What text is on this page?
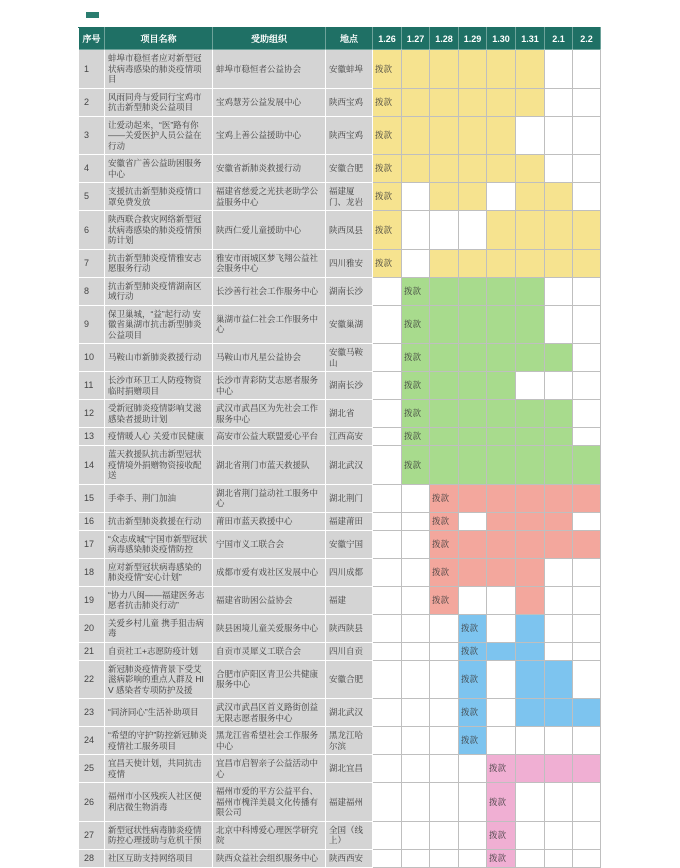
序号	项目名称	受助组织	地点	1.26	1.27	1.28	1.29	1.30	1.31	2.1	2.2
1	蚌埠市稳恒者应对新型冠状病毒感染的肺炎疫情项目	蚌埠市稳恒者公益协会	安徽蚌埠	拨款							
2	风雨同舟与爱同行宝鸡市抗击新型肺炎公益项目	宝鸡慧芳公益发展中心	陕西宝鸡	拨款							
3	让爱动起来，“医”路有你——关爱医护人员公益在行动	宝鸡上善公益援助中心	陕西宝鸡	拨款							
4	安徽省广善公益助困服务中心	安徽省新肺炎救援行动	安徽合肥	拨款							
5	支援抗击新型肺炎疫情口罩免费发放	福建省慈爱之光扶老助学公益服务中心	福建厦门、龙岩	拨款							
6	陕西联合救灾网络新型冠状病毒感染的肺炎疫情预防计划	陕西仁爱儿童援助中心	陕西凤县	拨款							
7	抗击新型肺炎疫情雅安志愿服务行动	雅安市雨城区梦飞翔公益社会服务中心	四川雅安	拨款							
8	抗击新型肺炎疫情湖南区域行动	长沙善行社会工作服务中心	湖南长沙		拨款						
9	保卫巢城，“益”起行动 安徽省巢湖市抗击新型肺炎公益项目	巢湖市益仁社会工作服务中心	安徽巢湖		拨款						
10	马鞍山市新肺炎救援行动	马鞍山市凡星公益协会	安徽马鞍山		拨款						
11	长沙市环卫工人防疫物资临时捐赠项目	长沙市青彩防艾志愿者服务中心	湖南长沙		拨款						
12	受新冠肺炎疫情影响艾滋感染者援助计划	武汉市武昌区为先社会工作服务中心	湖北省		拨款						
13	疫情暖人心 关爱市民健康	高安市公益大联盟爱心平台	江西高安		拨款						
14	蓝天救援队抗击新型冠状疫情境外捐赠物资接收配送	湖北省荆门市蓝天救援队	湖北武汉		拨款						
15	手牵手、荆门加油	湖北省荆门益动社工服务中心	湖北荆门			拨款					
16	抗击新型肺炎救援在行动	莆田市蓝天救援中心	福建莆田			拨款					
17	“众志成城”宁国市新型冠状病毒感染肺炎疫情防控	宁国市义工联合会	安徽宁国			拨款					
18	应对新型冠状病毒感染的肺炎疫情“安心计划”	成都市爱有戏社区发展中心	四川成都			拨款					
19	“协力八闽——福建医务志愿者抗击肺炎行动”	福建省助困公益协会	福建			拨款					
20	关爱乡村儿童 携手狙击病毒	陕县困境儿童关爱服务中心	陕西陕县				拨款				
21	自贡社工+志愿防疫计划	自贡市灵犀义工联合会	四川自贡				拨款				
22	新冠肺炎疫情背景下受艾滋病影响的重点人群及 HIV 感染者专项防护及援	合肥市庐阳区青卫公共健康服务中心	安徽合肥				拨款				
23	“同济同心”生活补助项目	武汉市武昌区首义路街创益无限志愿者服务中心	湖北武汉				拨款				
24	“希望的守护”防控新冠肺炎疫情社工服务项目	黑龙江省希望社会工作服务中心	黑龙江哈尔滨				拨款				
25	宜昌天使计划，共同抗击疫情	宜昌市启智亲子公益活动中心	湖北宜昌					拨款			
26	福州市小区残疾人社区便利店微生物消毒	福州市爱的平方公益平台、福州市槐洋美晨文化传播有限公司	福建福州					拨款			
27	新型冠状性病毒肺炎疫情防控心理援助与危机干预	北京中科博爱心理医学研究院	全国（线上）					拨款			
28	社区互助支持网络项目	陕西众益社会组织服务中心	陕西西安					拨款			
